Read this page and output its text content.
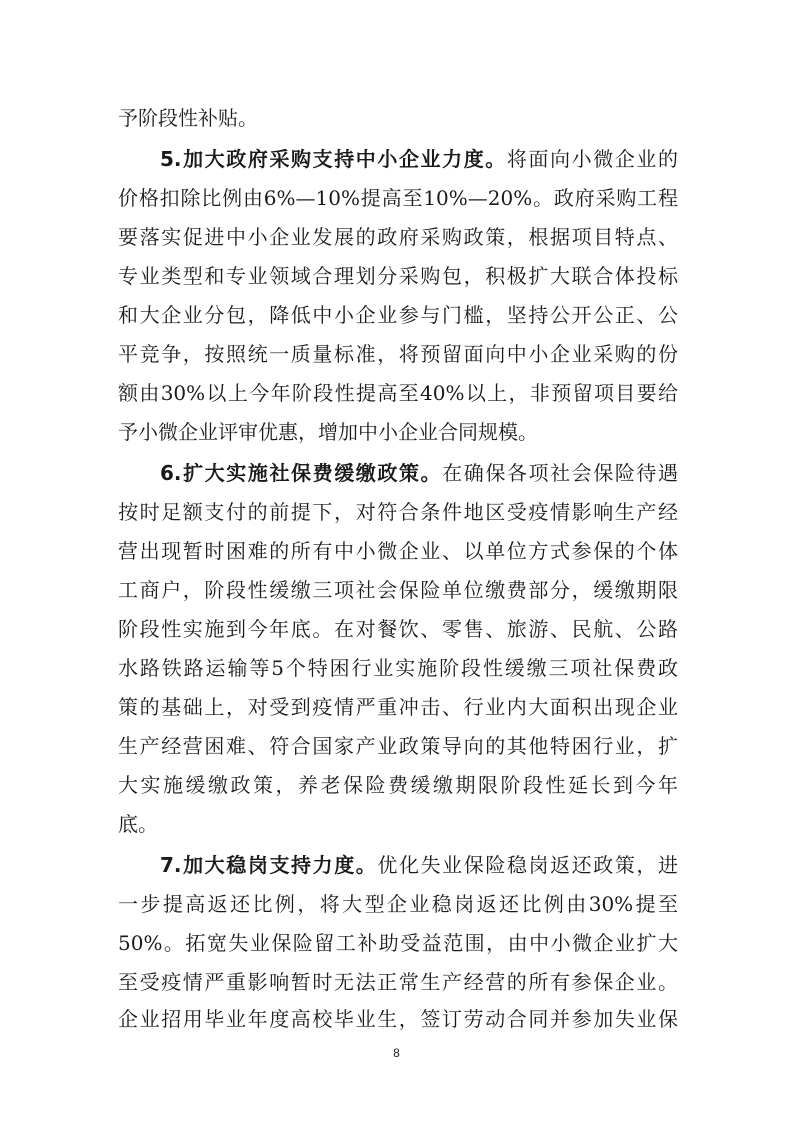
予阶段性补贴。
5.加大政府采购支持中小企业力度。将面向小微企业的
价格扣除比例由6%—10%提高至10%—20%。政府采购工程
要落实促进中小企业发展的政府采购政策，根据项目特点、
专业类型和专业领域合理划分采购包，积极扩大联合体投标
和大企业分包，降低中小企业参与门槛，坚持公开公正、公
平竞争，按照统一质量标准，将预留面向中小企业采购的份
额由30%以上今年阶段性提高至40%以上，非预留项目要给
予小微企业评审优惠，增加中小企业合同规模。
6.扩大实施社保费缓缴政策。在确保各项社会保险待遇
按时足额支付的前提下，对符合条件地区受疫情影响生产经
营出现暂时困难的所有中小微企业、以单位方式参保的个体
工商户，阶段性缓缴三项社会保险单位缴费部分，缓缴期限
阶段性实施到今年底。在对餐饮、零售、旅游、民航、公路
水路铁路运输等5个特困行业实施阶段性缓缴三项社保费政
策的基础上，对受到疫情严重冲击、行业内大面积出现企业
生产经营困难、符合国家产业政策导向的其他特困行业，扩
大实施缓缴政策，养老保险费缓缴期限阶段性延长到今年
底。
7.加大稳岗支持力度。优化失业保险稳岗返还政策，进
一步提高返还比例，将大型企业稳岗返还比例由30%提至
50%。拓宽失业保险留工补助受益范围，由中小微企业扩大
至受疫情严重影响暂时无法正常生产经营的所有参保企业。
企业招用毕业年度高校毕业生，签订劳动合同并参加失业保
8
